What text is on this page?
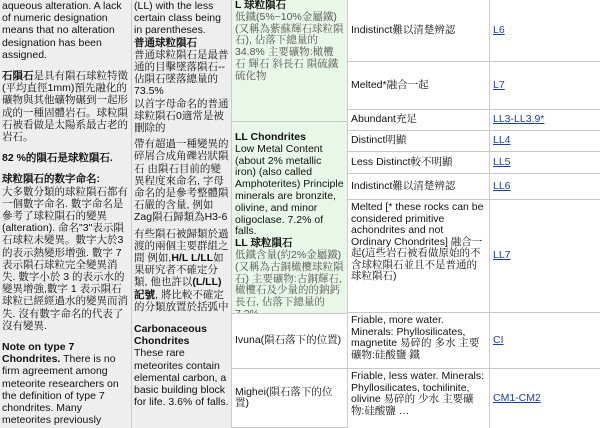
aqueous alteration. A lack of numeric designation means that no alteration designation has been assigned.

石隕石是具有隕石球粒特徵(平均直徑1mm)預先融化的礦物與其他礦物碾到一起形成的一種固體岩石。球粒隕石被看做是太陽系最古老的岩石。

82 %的隕石是球粒隕石.

球粒隕石的数字命名:
大多數分類的球粒隕石都有一個數字命名. 數字命名是參考了球粒隕石的變異(alteration). 命名"3"表示隕石球粒未變異。數字大於3的表示熱變形增強. 數字 7 表示隕石球粒完全變異消失. 數字小於 3 的表示水的變異增強,數字 1 表示隕石球粒已經經過水的變異而消失. 沒有數字命名的代表了沒有變異.

Note on type 7 Chondrites. There is no firm agreement among meteorite researchers on the definition of type 7 chondrites. Many meteorites previously

(LL) with the less certain class being in parentheses.

普通球粒隕石

普通球粒隕石是最普通的目擊墜落隕石--佔隕石墜落總量的

73.5%

以首字母命名的普通球粒隕石0適常是被刪除的

帶有超過一種變異的碎屑合成角礫岩狀隕石 由隕石目前的變異程度來命名, 字母命名的是參考整體隕石嚴的含量, 例如 Zag隕石歸類為H3-6

有些隕石被歸類於過渡的兩個主要群組之間 例如,H/L L/LL如果研究者不確定分類, 他也許以(L/LL)記號, 將比較不確定的分類放置於括弧中

Carbonaceous Chondrites

These rare meteorites contain elemental carbon, a basic building block for life. 3.6% of falls.

L 球粒隕石

低鐵(5%~10%金屬鐵) (又稱為紫蘇輝石球粒隕石), 佔落下總量的34.8% 主要礦物:橄欖石 輝石 斜長石 隕硫鐵 硫化物

LL Chondrites

Low Metal Content (about 2% metallic iron) (also called Amphoterites) Principle minerals are bronzite, olivine, and minor oligoclase. 7.2% of falls.

LL 球粒隕石

低鐵含量(約2%金屬鐵) (又稱為古銅橄欖球粒隕石) 主要礦物:古銅輝石, 橄欖石及少量的的鈉鈣長石, 佔落下總量的

Ivuna(隕石落下的位置)
Mighei(隕石落下的位置)
Indistinct難以清楚辨認
Melted*融合一起
Abundant充足
Distinct明顯
Less Distinct較不明顯
Indistinct難以清楚辨認
Melted [* these rocks can be considered primitive achondrites and not Ordinary Chondrites] 融合一起(這些岩石被看做原始的不含球粒隕石並且不是普通的球粒隕石)
Friable, more water. Minerals: Phyllosilicates, magnetite 易碎的 多水 主要礦物:硅酸鹽 鐵
Friable, less water. Minerals: Phyllosilicates, tochilinite, olivine 易碎的 少水 主要礦物:硅酸鹽 …
L6
L7
LL3-LL3.9*
LL4
LL5
LL6
LL7
CI
CM1-CM2
